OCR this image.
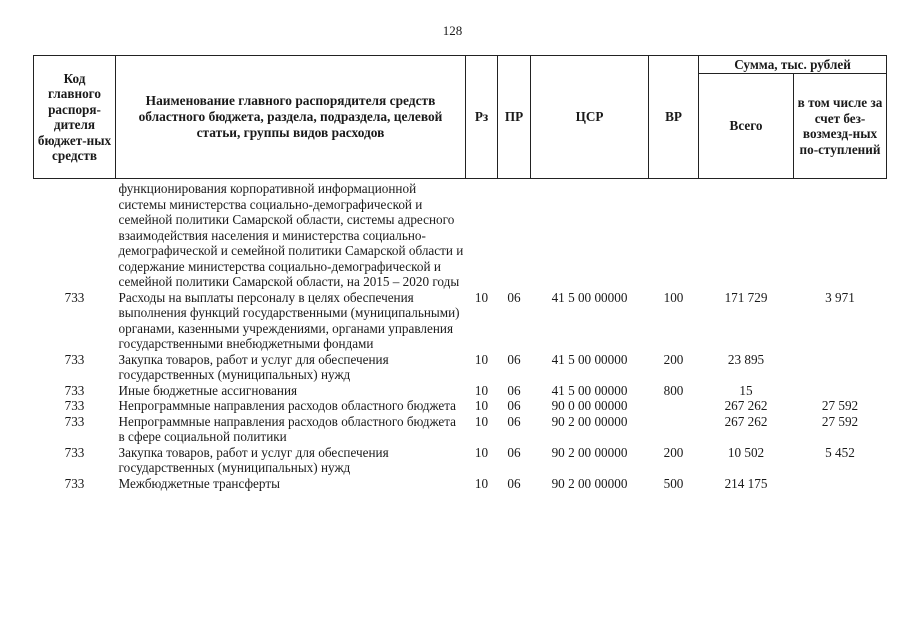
128
Код главного распоря-дителя бюджет-ных средств	Наименование главного распорядителя средств областного бюджета, раздела, подраздела, целевой статьи, группы видов расходов	Рз	ПР	ЦСР	ВР	Сумма, тыс. рублей	
						Всего	в том числе за счет без-возмезд-ных по-ступлений
	функционирования корпоративной информационной системы министерства социально-демографической и семейной политики Самарской области, системы адресного взаимодействия населения и министерства социально-демографической и семейной политики Самарской области и содержание министерства социально-демографической и семейной политики Самарской области, на 2015 – 2020 годы						
733	Расходы на выплаты персоналу в целях обеспечения выполнения функций государственными (муниципальными) органами, казенными учреждениями, органами управления государственными внебюджетными фондами	10	06	41 5 00 00000	100	171 729	3 971
733	Закупка товаров, работ и услуг для обеспечения государственных (муниципальных) нужд	10	06	41 5 00 00000	200	23 895	
733	Иные бюджетные ассигнования	10	06	41 5 00 00000	800	15	
733	Непрограммные направления расходов областного бюджета	10	06	90 0 00 00000		267 262	27 592
733	Непрограммные направления расходов областного бюджета в сфере социальной политики	10	06	90 2 00 00000		267 262	27 592
733	Закупка товаров, работ и услуг для обеспечения государственных (муниципальных) нужд	10	06	90 2 00 00000	200	10 502	5 452
733	Межбюджетные трансферты	10	06	90 2 00 00000	500	214 175	
